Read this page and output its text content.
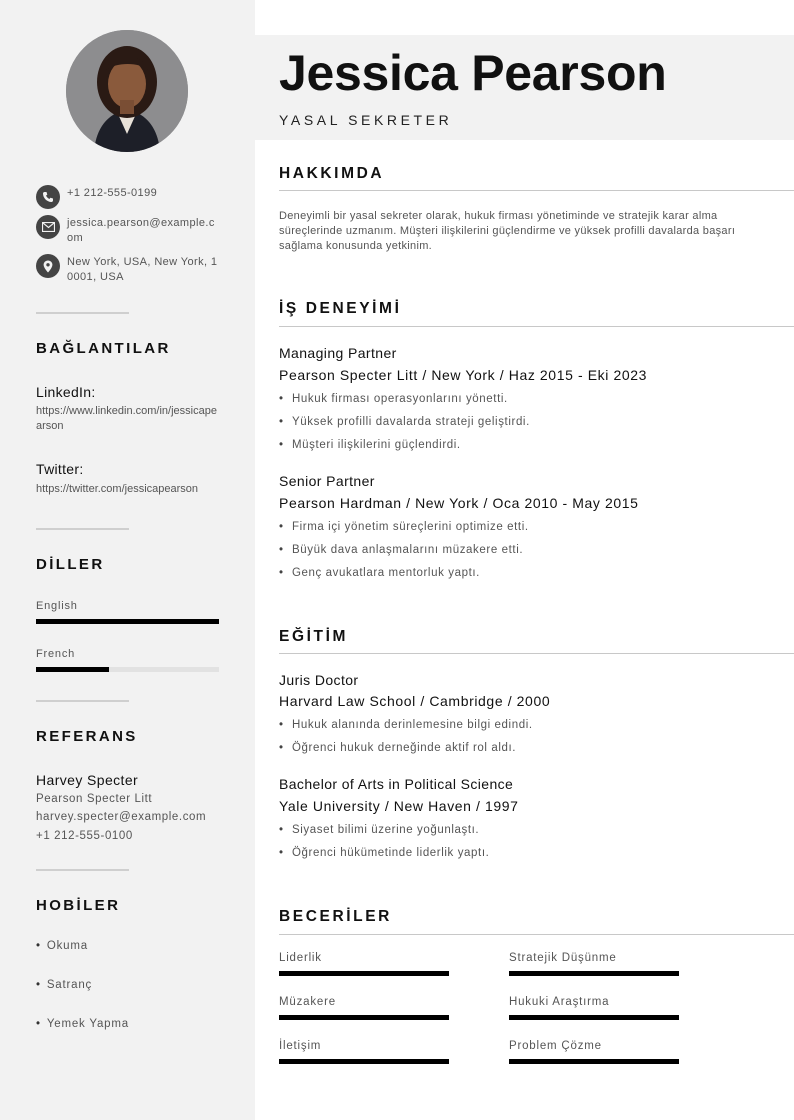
+1 212-555-0199
jessica.pearson@example.com
New York, USA, New York, 10001, USA
BAĞLANTILAR
LinkedIn:
https://www.linkedin.com/in/jessicapearson
Twitter:
https://twitter.com/jessicapearson
DİLLER
English
French
REFERANS
Harvey Specter
Pearson Specter Litt
harvey.specter@example.com
+1 212-555-0100
HOBİLER
• Okuma
• Satranç
• Yemek Yapma
Jessica Pearson
YASAL SEKRETER
HAKKIMDA
Deneyimli bir yasal sekreter olarak, hukuk firması yönetiminde ve stratejik karar alma süreçlerinde uzmanım. Müşteri ilişkilerini güçlendirme ve yüksek profilli davalarda başarı sağlama konusunda yetkinim.
İŞ DENEYİMİ
Managing Partner
Pearson Specter Litt / New York / Haz 2015 - Eki 2023
• Hukuk firması operasyonlarını yönetti.
• Yüksek profilli davalarda strateji geliştirdi.
• Müşteri ilişkilerini güçlendirdi.
Senior Partner
Pearson Hardman / New York / Oca 2010 - May 2015
• Firma içi yönetim süreçlerini optimize etti.
• Büyük dava anlaşmalarını müzakere etti.
• Genç avukatlara mentorluk yaptı.
EĞİTİM
Juris Doctor
Harvard Law School / Cambridge / 2000
• Hukuk alanında derinlemesine bilgi edindi.
• Öğrenci hukuk derneğinde aktif rol aldı.
Bachelor of Arts in Political Science
Yale University / New Haven / 1997
• Siyaset bilimi üzerine yoğunlaştı.
• Öğrenci hükümetinde liderlik yaptı.
BECERİLER
Liderlik	Stratejik Düşünme
Müzakere	Hukuki Araştırma
İletişim	Problem Çözme
